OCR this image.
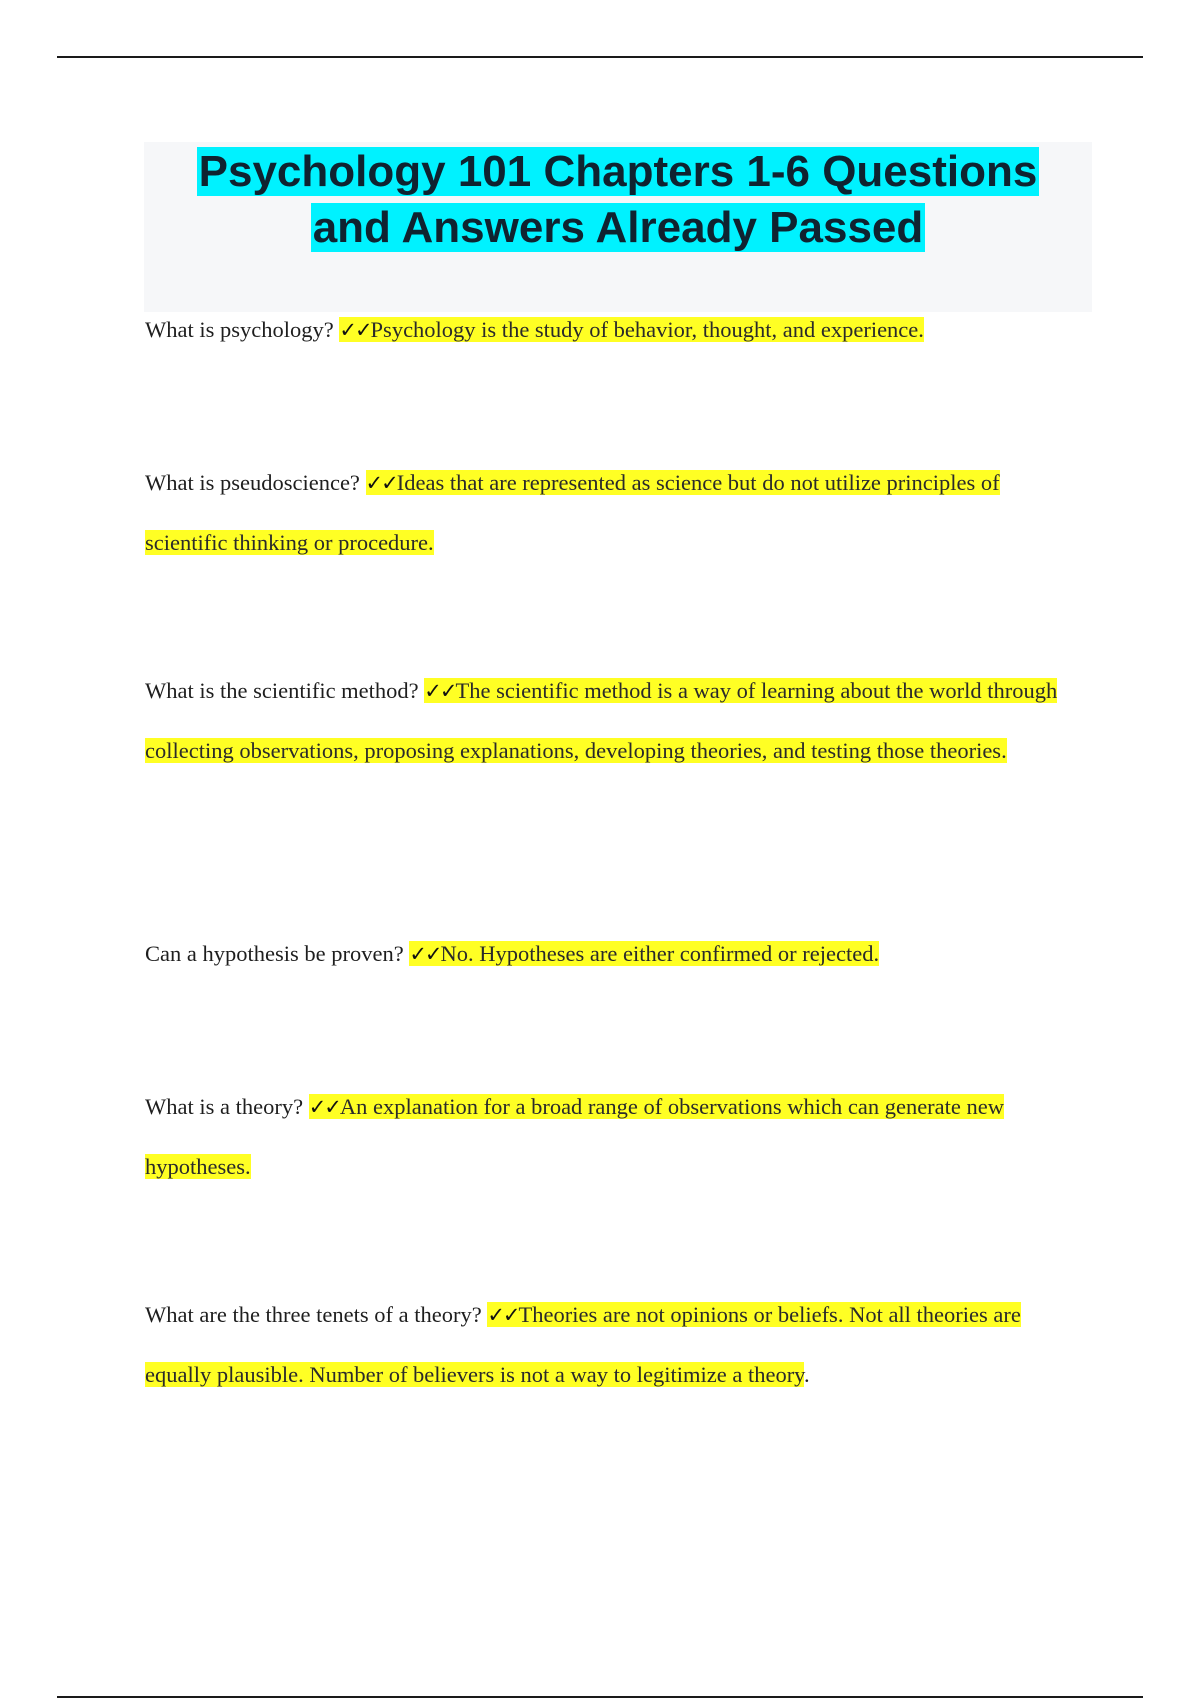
Psychology 101 Chapters 1-6 Questions
and Answers Already Passed

What is psychology? ✓✓Psychology is the study of behavior, thought, and experience.

What is pseudoscience? ✓✓Ideas that are represented as science but do not utilize principles of scientific thinking or procedure.

What is the scientific method? ✓✓The scientific method is a way of learning about the world through collecting observations, proposing explanations, developing theories, and testing those theories.

Can a hypothesis be proven? ✓✓No. Hypotheses are either confirmed or rejected.

What is a theory? ✓✓An explanation for a broad range of observations which can generate new hypotheses.

What are the three tenets of a theory? ✓✓Theories are not opinions or beliefs. Not all theories are equally plausible. Number of believers is not a way to legitimize a theory.
